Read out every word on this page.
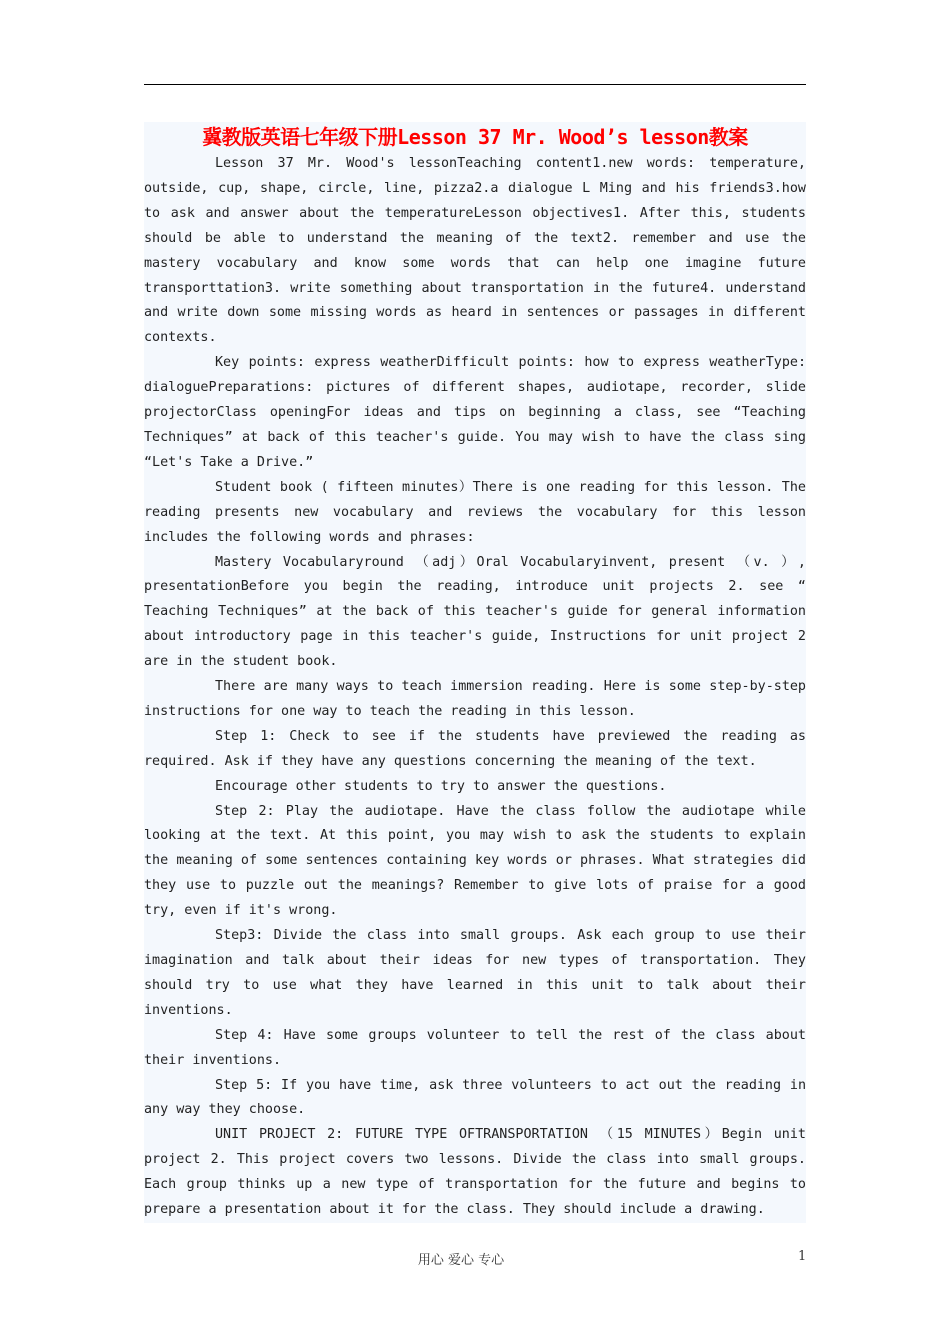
冀教版英语七年级下册Lesson 37 Mr. Wood’s lesson教案

Lesson 37 Mr. Wood's lessonTeaching content1.new words: temperature, outside, cup, shape, circle, line, pizza2.a dialogue L Ming and his friends3.how to ask and answer about the temperatureLesson objectives1. After this, students should be able to understand the meaning of the text2. remember and use the mastery vocabulary and know some words that can help one imagine future transporttation3. write something about transportation in the future4. understand and write down some missing words as heard in sentences or passages in different contexts.

Key points: express weatherDifficult points: how to express weatherType: dialoguePreparations: pictures of different shapes, audiotape, recorder, slide projectorClass openingFor ideas and tips on beginning a class, see “Teaching Techniques” at back of this teacher's guide. You may wish to have the class sing “Let's Take a Drive.”

Student book ( fifteen minutes）There is one reading for this lesson. The reading presents new vocabulary and reviews the vocabulary for this lesson includes the following words and phrases:

Mastery Vocabularyround （adj）Oral Vocabularyinvent, present （v. ）, presentationBefore you begin the reading, introduce unit projects 2. see “ Teaching Techniques” at the back of this teacher's guide for general information about introductory page in this teacher's guide, Instructions for unit project 2 are in the student book.

There are many ways to teach immersion reading. Here is some step-by-step instructions for one way to teach the reading in this lesson.

Step 1: Check to see if the students have previewed the reading as required. Ask if they have any questions concerning the meaning of the text.

Encourage other students to try to answer the questions.

Step 2: Play the audiotape. Have the class follow the audiotape while looking at the text. At this point, you may wish to ask the students to explain the meaning of some sentences containing key words or phrases. What strategies did they use to puzzle out the meanings? Remember to give lots of praise for a good try, even if it's wrong.

Step3: Divide the class into small groups. Ask each group to use their imagination and talk about their ideas for new types of transportation. They should try to use what they have learned in this unit to talk about their inventions.

Step 4: Have some groups volunteer to tell the rest of the class about their inventions.

Step 5: If you have time, ask three volunteers to act out the reading in any way they choose.

UNIT PROJECT 2: FUTURE TYPE OFTRANSPORTATION （15 MINUTES）Begin unit project 2. This project covers two lessons. Divide the class into small groups. Each group thinks up a new type of transportation for the future and begins to prepare a presentation about it for the class. They should include a drawing.

用心 爱心 专心	1
